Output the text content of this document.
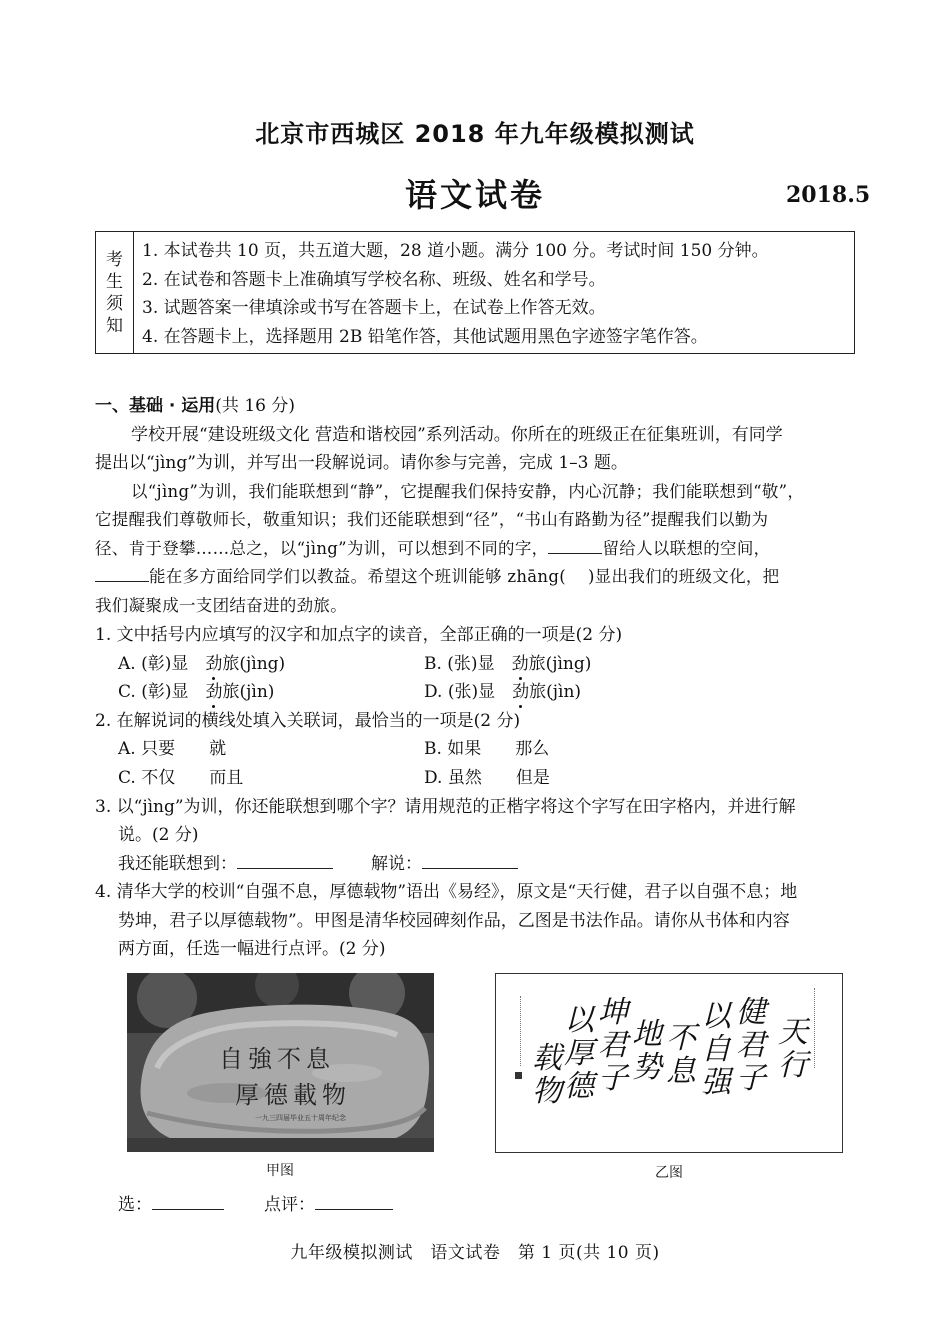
北京市西城区 2018 年九年级模拟测试
语文试卷	2018.5
考
生
须
知
1. 本试卷共 10 页，共五道大题，28 道小题。满分 100 分。考试时间 150 分钟。
2. 在试卷和答题卡上准确填写学校名称、班级、姓名和学号。
3. 试题答案一律填涂或书写在答题卡上，在试卷上作答无效。
4. 在答题卡上，选择题用 2B 铅笔作答，其他试题用黑色字迹签字笔作答。
一、基础 · 运用(共 16 分)
学校开展“建设班级文化 营造和谐校园”系列活动。你所在的班级正在征集班训，有同学
提出以“jìng”为训，并写出一段解说词。请你参与完善，完成 1–3 题。
以“jìng”为训，我们能联想到“静”，它提醒我们保持安静，内心沉静；我们能联想到“敬”，
它提醒我们尊敬师长，敬重知识；我们还能联想到“径”，“书山有路勤为径”提醒我们以勤为
径、肯于登攀……总之，以“jìng”为训，可以想到不同的字，	留给人以联想的空间，
能在多方面给同学们以教益。希望这个班训能够 zhāng( )显出我们的班级文化，把
我们凝聚成一支团结奋进的劲旅。
1. 文中括号内应填写的汉字和加点字的读音，全部正确的一项是(2 分)
A. (彰)显　劲旅(jìng)	B. (张)显　劲旅(jìng)
C. (彰)显　劲旅(jìn)	D. (张)显　劲旅(jìn)
2. 在解说词的横线处填入关联词，最恰当的一项是(2 分)
A. 只要　　就	B. 如果　　那么
C. 不仅　　而且	D. 虽然　　但是
3. 以“jìng”为训，你还能联想到哪个字？请用规范的正楷字将这个字写在田字格内，并进行解
说。(2 分)
我还能联想到：	解说：
4. 清华大学的校训“自强不息，厚德载物”语出《易经》，原文是“天行健，君子以自强不息；地
势坤，君子以厚德载物”。甲图是清华校园碑刻作品，乙图是书法作品。请你从书体和内容
两方面，任选一幅进行点评。(2 分)
自強不息
厚德載物
一九三四届毕业五十周年纪念
甲图
天行
健君子
以自强
不息
地势
坤君子
以厚德
载物
乙图
选：	点评：
九年级模拟测试　语文试卷　第 1 页(共 10 页)
